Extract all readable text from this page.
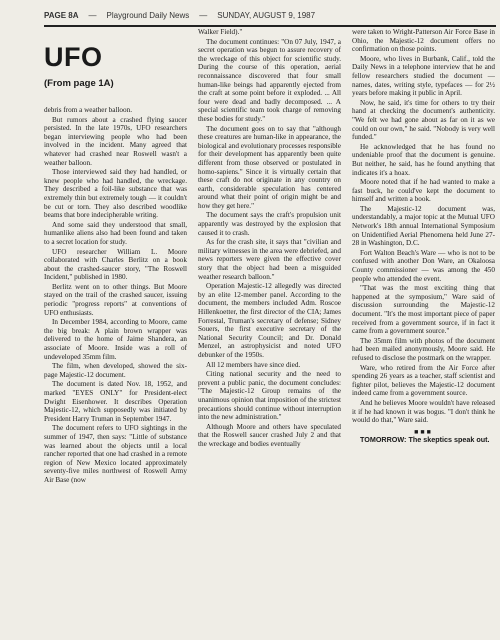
PAGE 8A — Playground Daily News — SUNDAY, AUGUST 9, 1987
UFO
(From page 1A)

debris from a weather balloon.

But rumors about a crashed flying saucer persisted. In the late 1970s, UFO researchers began interviewing people who had been involved in the incident. Many agreed that whatever had crashed near Roswell wasn't a weather balloon.

Those interviewed said they had handled, or knew people who had handled, the wreckage. They described a foil-like substance that was extremely thin but extremely tough — it couldn't be cut or torn. They also described woodlike beams that bore indecipherable writing.

And some said they understood that small, humanlike aliens also had been found and taken to a secret location for study.

UFO researcher William L. Moore collaborated with Charles Berlitz on a book about the crashed-saucer story, "The Roswell Incident," published in 1980.

Berlitz went on to other things. But Moore stayed on the trail of the crashed saucer, issuing periodic "progress reports" at conventions of UFO enthusiasts.

In December 1984, according to Moore, came the big break: A plain brown wrapper was delivered to the home of Jaime Shandera, an associate of Moore. Inside was a roll of undeveloped 35mm film.

The film, when developed, showed the six-page Majestic-12 document.

The document is dated Nov. 18, 1952, and marked "EYES ONLY" for President-elect Dwight Eisenhower. It describes Operation Majestic-12, which supposedly was initiated by President Harry Truman in September 1947.

The document refers to UFO sightings in the summer of 1947, then says: "Little of substance was learned about the objects until a local rancher reported that one had crashed in a remote region of New Mexico located approximately seventy-five miles northwest of Roswell Army Air Base (now

Walker Field)."

The document continues: "On 07 July, 1947, a secret operation was begun to assure recovery of the wreckage of this object for scientific study. During the course of this operation, aerial reconnaissance discovered that four small human-like beings had apparently ejected from the craft at some point before it exploded. ... All four were dead and badly decomposed. ... A special scientific team took charge of removing these bodies for study."

The document goes on to say that "although these creatures are human-like in appearance, the biological and evolutionary processes responsible for their development has apparently been quite different from those observed or postulated in homo-sapiens." Since it is virtually certain that these craft do not originate in any country on earth, considerable speculation has centered around what their point of origin might be and how they get here."

The document says the craft's propulsion unit apparently was destroyed by the explosion that caused it to crash.

As for the crash site, it says that "civilian and military witnesses in the area were debriefed, and news reporters were given the effective cover story that the object had been a misguided weather research balloon."

Operation Majestic-12 allegedly was directed by an elite 12-member panel. According to the document, the members included Adm. Roscoe Hillenkoetter, the first director of the CIA; James Forrestal, Truman's secretary of defense; Sidney Souers, the first executive secretary of the National Security Council; and Dr. Donald Menzel, an astrophysicist and noted UFO debunker of the 1950s.

All 12 members have since died.

Citing national security and the need to prevent a public panic, the document concludes: "The Majestic-12 Group remains of the unanimous opinion that imposition of the strictest precautions should continue without interruption into the new administration."

Although Moore and others have speculated that the Roswell saucer crashed July 2 and that the wreckage and bodies eventually

were taken to Wright-Patterson Air Force Base in Ohio, the Majestic-12 document offers no confirmation on those points.

Moore, who lives in Burbank, Calif., told the Daily News in a telephone interview that he and fellow researchers studied the document — names, dates, writing style, typefaces — for 2½ years before making it public in April.

Now, he said, it's time for others to try their hand at checking the document's authenticity. "We felt we had gone about as far on it as we could on our own," he said. "Nobody is very well funded."

He acknowledged that he has found no undeniable proof that the document is genuine. But neither, he said, has he found anything that indicates it's a hoax.

Moore noted that if he had wanted to make a fast buck, he could've kept the document to himself and written a book.

The Majestic-12 document was, understandably, a major topic at the Mutual UFO Network's 18th annual International Symposium on Unidentified Aerial Phenomena held June 27-28 in Washington, D.C.

Fort Walton Beach's Ware — who is not to be confused with another Don Ware, an Okaloosa County commissioner — was among the 450 people who attended the event.

"That was the most exciting thing that happened at the symposium," Ware said of discussion surrounding the Majestic-12 document. "It's the most important piece of paper received from a government source, if in fact it came from a government source."

The 35mm film with photos of the document had been mailed anonymously, Moore said. He refused to disclose the postmark on the wrapper.

Ware, who retired from the Air Force after spending 26 years as a teacher, staff scientist and fighter pilot, believes the Majestic-12 document indeed came from a government source.

And he believes Moore wouldn't have released it if he had known it was bogus. "I don't think he would do that," Ware said.

■■■

TOMORROW: The skeptics speak out.
